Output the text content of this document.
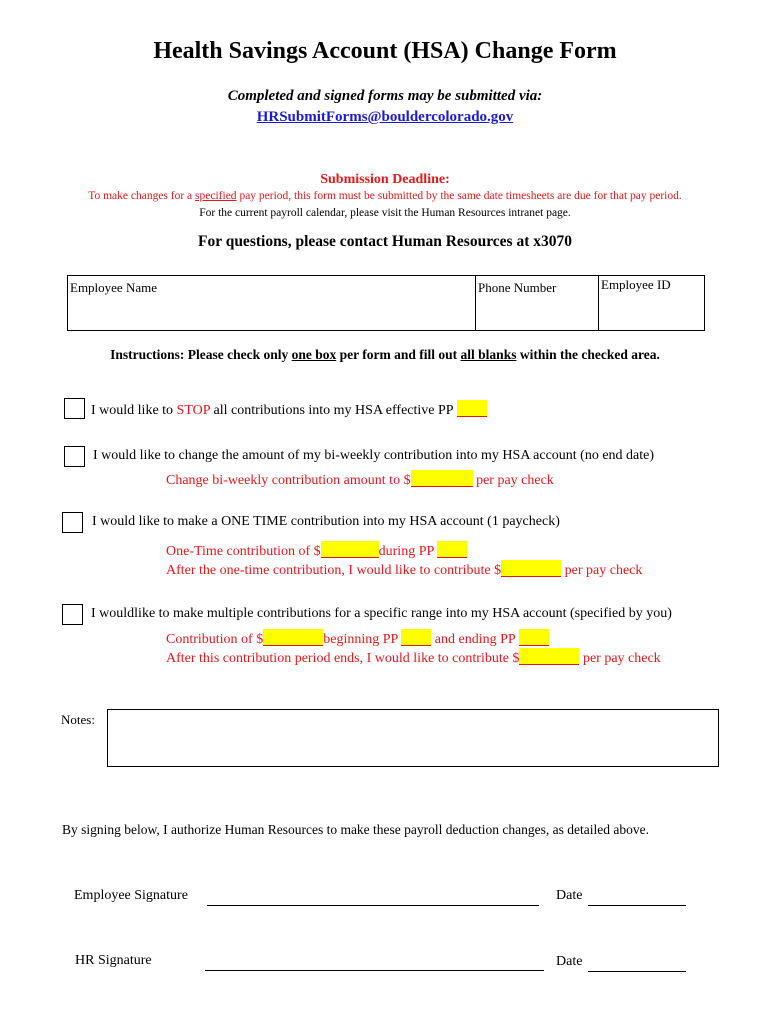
Health Savings Account (HSA) Change Form
Completed and signed forms may be submitted via:
HRSubmitForms@bouldercolorado.gov
Submission Deadline:
To make changes for a specified pay period, this form must be submitted by the same date timesheets are due for that pay period.
For the current payroll calendar, please visit the Human Resources intranet page.
For questions, please contact Human Resources at x3070
Employee Name	Phone Number	Employee ID
Instructions: Please check only one box per form and fill out all blanks within the checked area.
I would like to STOP all contributions into my HSA effective PP
I would like to change the amount of my bi-weekly contribution into my HSA account (no end date)
Change bi-weekly contribution amount to $	per pay check
I would like to make a ONE TIME contribution into my HSA account (1 paycheck)
One-Time contribution of $	during PP
After the one-time contribution, I would like to contribute $	per pay check
I wouldlike to make multiple contributions for a specific range into my HSA account (specified by you)
Contribution of $	beginning PP  and ending PP
After this contribution period ends, I would like to contribute $	per pay check
Notes:
By signing below, I authorize Human Resources to make these payroll deduction changes, as detailed above.
Employee Signature	Date
HR Signature	Date
